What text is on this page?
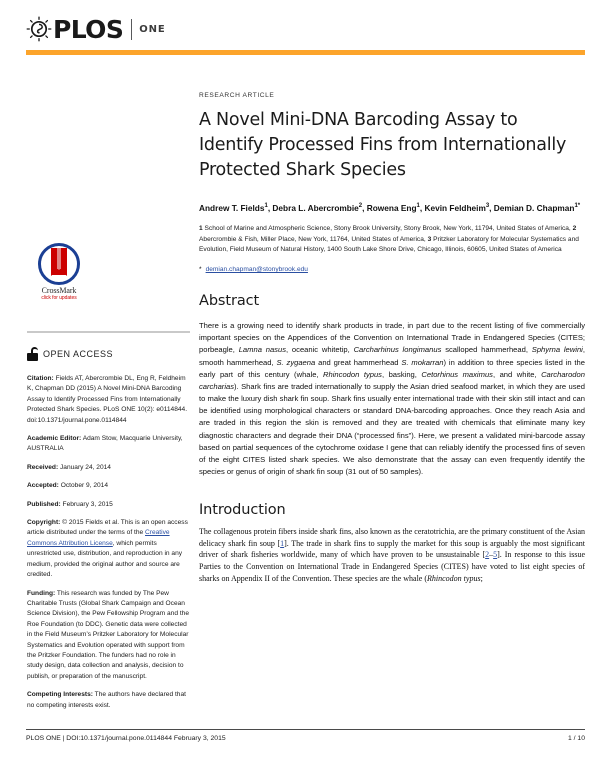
PLOS ONE
CrossMark
click for updates
OPEN ACCESS
Citation: Fields AT, Abercrombie DL, Eng R, Feldheim K, Chapman DD (2015) A Novel Mini-DNA Barcoding Assay to Identify Processed Fins from Internationally Protected Shark Species. PLoS ONE 10(2): e0114844. doi:10.1371/journal.pone.0114844
Academic Editor: Adam Stow, Macquarie University, AUSTRALIA
Received: January 24, 2014
Accepted: October 9, 2014
Published: February 3, 2015
Copyright: © 2015 Fields et al. This is an open access article distributed under the terms of the Creative Commons Attribution License, which permits unrestricted use, distribution, and reproduction in any medium, provided the original author and source are credited.
Funding: This research was funded by The Pew Charitable Trusts (Global Shark Campaign and Ocean Science Division), the Pew Fellowship Program and the Roe Foundation (to DDC). Genetic data were collected in the Field Museum’s Pritzker Laboratory for Molecular Systematics and Evolution operated with support from the Pritzker Foundation. The funders had no role in study design, data collection and analysis, decision to publish, or preparation of the manuscript.
Competing Interests: The authors have declared that no competing interests exist.
RESEARCH ARTICLE
A Novel Mini-DNA Barcoding Assay to Identify Processed Fins from Internationally Protected Shark Species
Andrew T. Fields$^1$, Debra L. Abercrombie$^2$, Rowena Eng$^1$, Kevin Feldheim$^3$, Demian D. Chapman$^{1*}$
1 School of Marine and Atmospheric Science, Stony Brook University, Stony Brook, New York, 11794, United States of America, 2 Abercrombie & Fish, Miller Place, New York, 11764, United States of America, 3 Pritzker Laboratory for Molecular Systematics and Evolution, Field Museum of Natural History, 1400 South Lake Shore Drive, Chicago, Illinois, 60605, United States of America
* demian.chapman@stonybrook.edu
Abstract
There is a growing need to identify shark products in trade, in part due to the recent listing of five commercially important species on the Appendices of the Convention on International Trade in Endangered Species (CITES; porbeagle, Lamna nasus, oceanic whitetip, Carcharhinus longimanus scalloped hammerhead, Sphyrna lewini, smooth hammerhead, S. zygaena and great hammerhead S. mokarran) in addition to three species listed in the early part of this century (whale, Rhincodon typus, basking, Cetorhinus maximus, and white, Carcharodon carcharias). Shark fins are traded internationally to supply the Asian dried seafood market, in which they are used to make the luxury dish shark fin soup. Shark fins usually enter international trade with their skin still intact and can be identified using morphological characters or standard DNA-barcoding approaches. Once they reach Asia and are traded in this region the skin is removed and they are treated with chemicals that eliminate many key diagnostic characters and degrade their DNA (“processed fins”). Here, we present a validated mini-barcode assay based on partial sequences of the cytochrome oxidase I gene that can reliably identify the processed fins of seven of the eight CITES listed shark species. We also demonstrate that the assay can even frequently identify the species or genus of origin of shark fin soup (31 out of 50 samples).
Introduction
The collagenous protein fibers inside shark fins, also known as the ceratotrichia, are the primary constituent of the Asian delicacy shark fin soup [1]. The trade in shark fins to supply the market for this soup is arguably the most significant driver of shark fisheries worldwide, many of which have proven to be unsustainable [2–5]. In response to this issue Parties to the Convention on International Trade in Endangered Species (CITES) have voted to list eight species of sharks on Appendix II of the Convention. These species are the whale (Rhincodon typus;
PLOS ONE | DOI:10.1371/journal.pone.0114844 February 3, 2015	1 / 10
